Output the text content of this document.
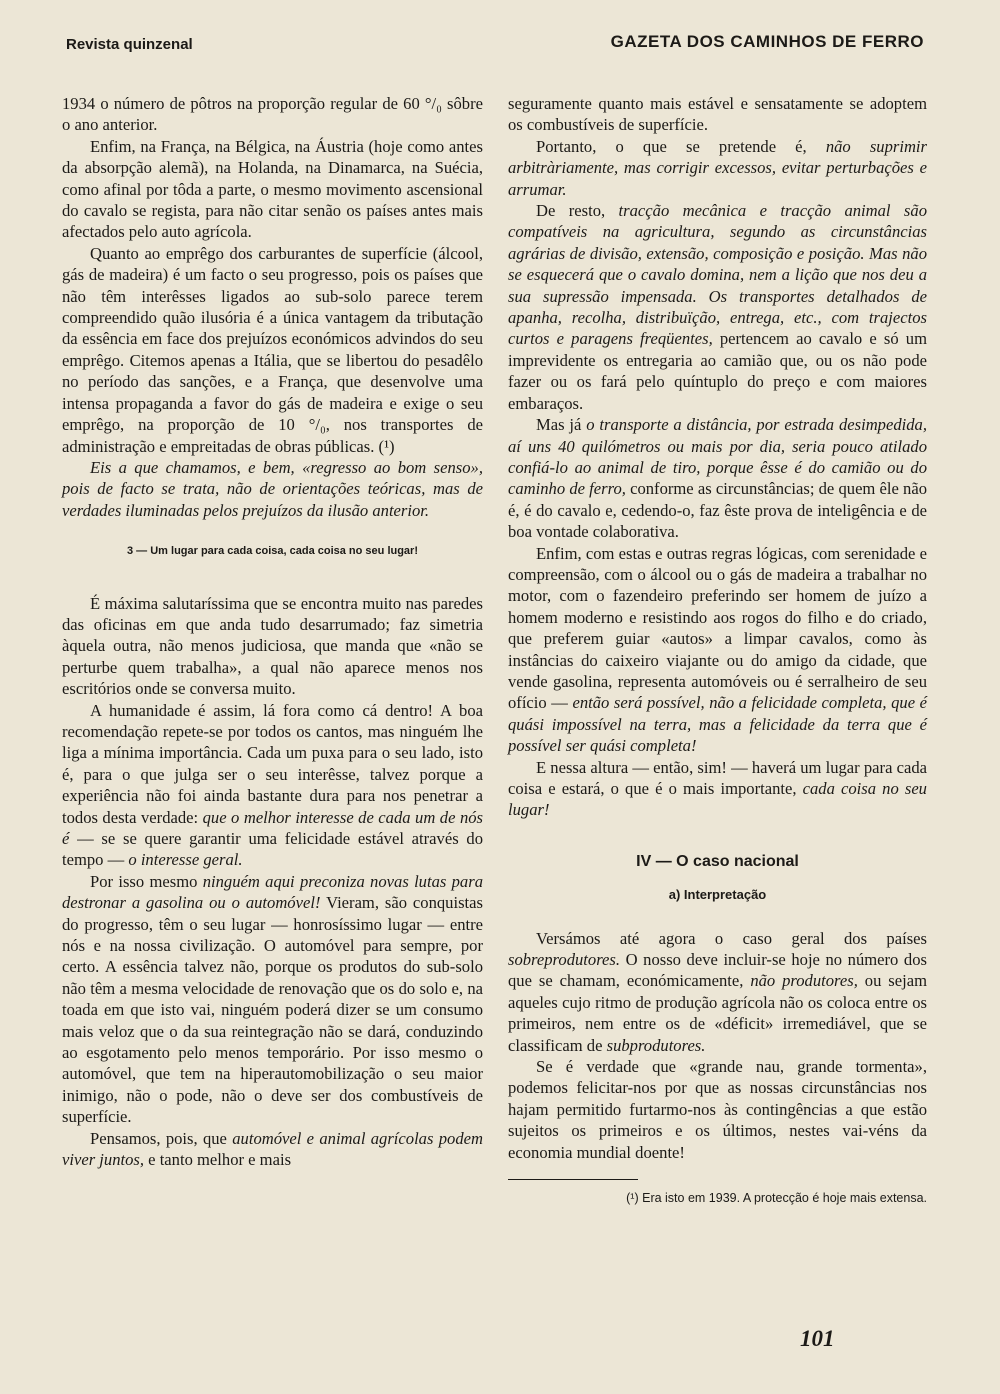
Revista quinzenal	GAZETA DOS CAMINHOS DE FERRO

1934 o número de pôtros na proporção regular de 60 °/₀ sôbre o ano anterior.

Enfim, na França, na Bélgica, na Áustria (hoje como antes da absorpção alemã), na Holanda, na Dinamarca, na Suécia, como afinal por tôda a parte, o mesmo movimento ascensional do cavalo se regista, para não citar senão os países antes mais afectados pelo auto agrícola.

Quanto ao emprêgo dos carburantes de superfície (álcool, gás de madeira) é um facto o seu progresso, pois os países que não têm interêsses ligados ao sub-solo parece terem compreendido quão ilusória é a única vantagem da tributação da essência em face dos prejuízos económicos advindos do seu emprêgo. Citemos apenas a Itália, que se libertou do pesadêlo no período das sanções, e a França, que desenvolve uma intensa propaganda a favor do gás de madeira e exige o seu emprêgo, na proporção de 10 °/₀, nos transportes de administração e empreitadas de obras públicas. (¹)

Eis a que chamamos, e bem, «regresso ao bom senso», pois de facto se trata, não de orientações teóricas, mas de verdades iluminadas pelos prejuízos da ilusão anterior.

3 — Um lugar para cada coisa, cada coisa no seu lugar!

É máxima salutaríssima que se encontra muito nas paredes das oficinas em que anda tudo desarrumado; faz simetria àquela outra, não menos judiciosa, que manda que «não se perturbe quem trabalha», a qual não aparece menos nos escritórios onde se conversa muito.

A humanidade é assim, lá fora como cá dentro! A boa recomendação repete-se por todos os cantos, mas ninguém lhe liga a mínima importância. Cada um puxa para o seu lado, isto é, para o que julga ser o seu interêsse, talvez porque a experiência não foi ainda bastante dura para nos penetrar a todos desta verdade: que o melhor interesse de cada um de nós é — se se quere garantir uma felicidade estável através do tempo — o interesse geral.

Por isso mesmo ninguém aqui preconiza novas lutas para destronar a gasolina ou o automóvel! Vieram, são conquistas do progresso, têm o seu lugar — honrosíssimo lugar — entre nós e na nossa civilização. O automóvel para sempre, por certo. A essência talvez não, porque os produtos do sub-solo não têm a mesma velocidade de renovação que os do solo e, na toada em que isto vai, ninguém poderá dizer se um consumo mais veloz que o da sua reintegração não se dará, conduzindo ao esgotamento pelo menos temporário. Por isso mesmo o automóvel, que tem na hiperautomobilização o seu maior inimigo, não o pode, não o deve ser dos combustíveis de superfície.

Pensamos, pois, que automóvel e animal agrícolas podem viver juntos, e tanto melhor e mais

seguramente quanto mais estável e sensatamente se adoptem os combustíveis de superfície.

Portanto, o que se pretende é, não suprimir arbitràriamente, mas corrigir excessos, evitar perturbações e arrumar.

De resto, tracção mecânica e tracção animal são compatíveis na agricultura, segundo as circunstâncias agrárias de divisão, extensão, composição e posição. Mas não se esquecerá que o cavalo domina, nem a lição que nos deu a sua supressão impensada. Os transportes detalhados de apanha, recolha, distribuïção, entrega, etc., com trajectos curtos e paragens freqüentes, pertencem ao cavalo e só um imprevidente os entregaria ao camião que, ou os não pode fazer ou os fará pelo quíntuplo do preço e com maiores embaraços.

Mas já o transporte a distância, por estrada desimpedida, aí uns 40 quilómetros ou mais por dia, seria pouco atilado confiá-lo ao animal de tiro, porque êsse é do camião ou do caminho de ferro, conforme as circunstâncias; de quem êle não é, é do cavalo e, cedendo-o, faz êste prova de inteligência e de boa vontade colaborativa.

Enfim, com estas e outras regras lógicas, com serenidade e compreensão, com o álcool ou o gás de madeira a trabalhar no motor, com o fazendeiro preferindo ser homem de juízo a homem moderno e resistindo aos rogos do filho e do criado, que preferem guiar «autos» a limpar cavalos, como às instâncias do caixeiro viajante ou do amigo da cidade, que vende gasolina, representa automóveis ou é serralheiro de seu ofício — então será possível, não a felicidade completa, que é quási impossível na terra, mas a felicidade da terra que é possível ser quási completa!

E nessa altura — então, sim! — haverá um lugar para cada coisa e estará, o que é o mais importante, cada coisa no seu lugar!

IV — O caso nacional
a) Interpretação

Versámos até agora o caso geral dos países sobreprodutores. O nosso deve incluir-se hoje no número dos que se chamam, económicamente, não produtores, ou sejam aqueles cujo ritmo de produção agrícola não os coloca entre os primeiros, nem entre os de «déficit» irremediável, que se classificam de subprodutores.

Se é verdade que «grande nau, grande tormenta», podemos felicitar-nos por que as nossas circunstâncias nos hajam permitido furtarmo-nos às contingências a que estão sujeitos os primeiros e os últimos, nestes vai-véns da economia mundial doente!

(¹) Era isto em 1939. A protecção é hoje mais extensa.

101
